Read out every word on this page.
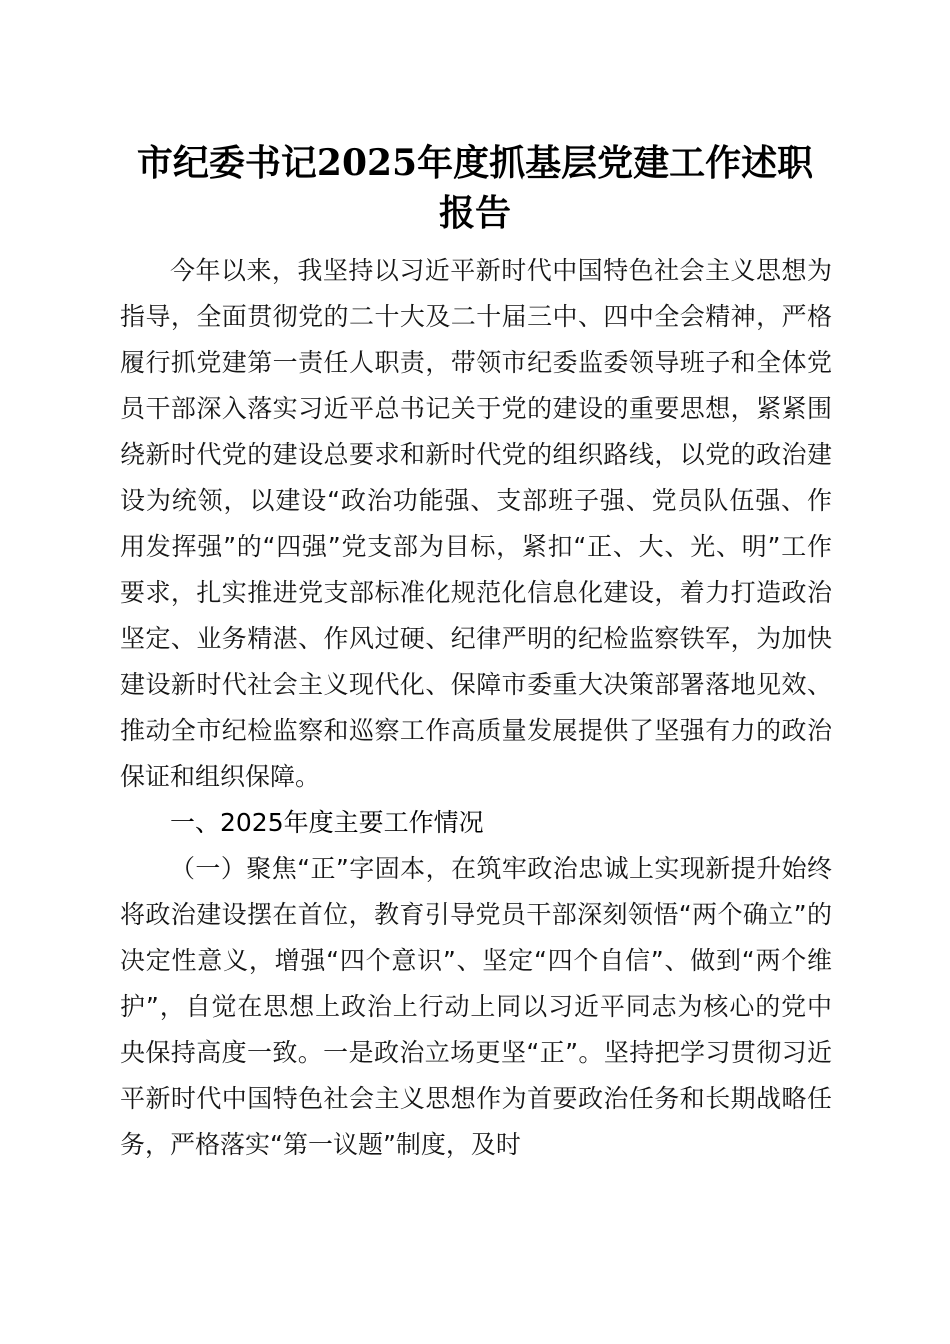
市纪委书记2025年度抓基层党建工作述职报告

今年以来，我坚持以习近平新时代中国特色社会主义思想为指导，全面贯彻党的二十大及二十届三中、四中全会精神，严格履行抓党建第一责任人职责，带领市纪委监委领导班子和全体党员干部深入落实习近平总书记关于党的建设的重要思想，紧紧围绕新时代党的建设总要求和新时代党的组织路线，以党的政治建设为统领，以建设“政治功能强、支部班子强、党员队伍强、作用发挥强”的“四强”党支部为目标，紧扣“正、大、光、明”工作要求，扎实推进党支部标准化规范化信息化建设，着力打造政治坚定、业务精湛、作风过硬、纪律严明的纪检监察铁军，为加快建设新时代社会主义现代化、保障市委重大决策部署落地见效、推动全市纪检监察和巡察工作高质量发展提供了坚强有力的政治保证和组织保障。

一、2025年度主要工作情况

（一）聚焦“正”字固本，在筑牢政治忠诚上实现新提升始终将政治建设摆在首位，教育引导党员干部深刻领悟“两个确立”的决定性意义，增强“四个意识”、坚定“四个自信”、做到“两个维护”，自觉在思想上政治上行动上同以习近平同志为核心的党中央保持高度一致。一是政治立场更坚“正”。坚持把学习贯彻习近平新时代中国特色社会主义思想作为首要政治任务和长期战略任务，严格落实“第一议题”制度，及时
